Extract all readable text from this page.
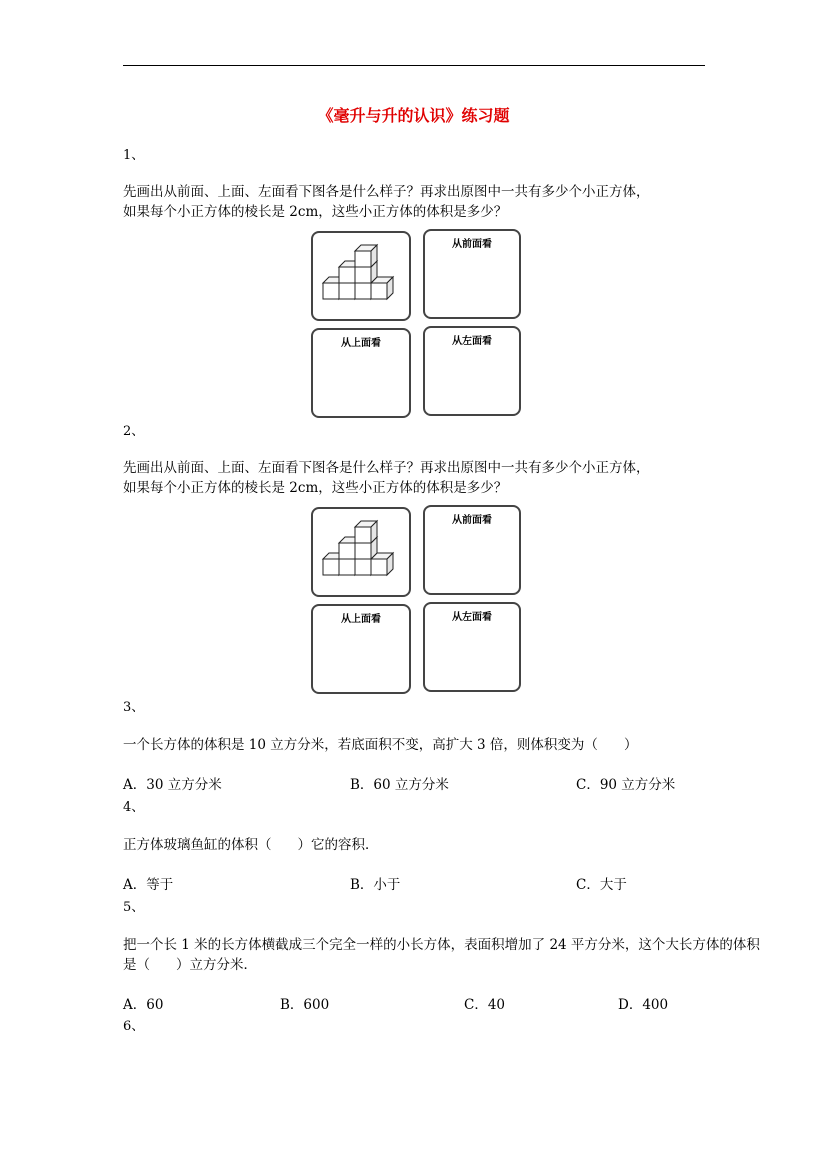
《毫升与升的认识》练习题
1、
先画出从前面、上面、左面看下图各是什么样子？再求出原图中一共有多少个小正方体，
如果每个小正方体的棱长是 2cm，这些小正方体的体积是多少？
从前面看
从上面看	从左面看
2、
先画出从前面、上面、左面看下图各是什么样子？再求出原图中一共有多少个小正方体，
如果每个小正方体的棱长是 2cm，这些小正方体的体积是多少？
从前面看
从上面看	从左面看
3、
一个长方体的体积是 10 立方分米，若底面积不变，高扩大 3 倍，则体积变为（ ）
A．30 立方分米	B．60 立方分米	C．90 立方分米
4、
正方体玻璃鱼缸的体积（ ）它的容积．
A．等于	B．小于	C．大于
5、
把一个长 1 米的长方体横截成三个完全一样的小长方体，表面积增加了 24 平方分米，这个大长方体的体积
是（ ）立方分米．
A．60	B．600	C．40	D．400
6、
